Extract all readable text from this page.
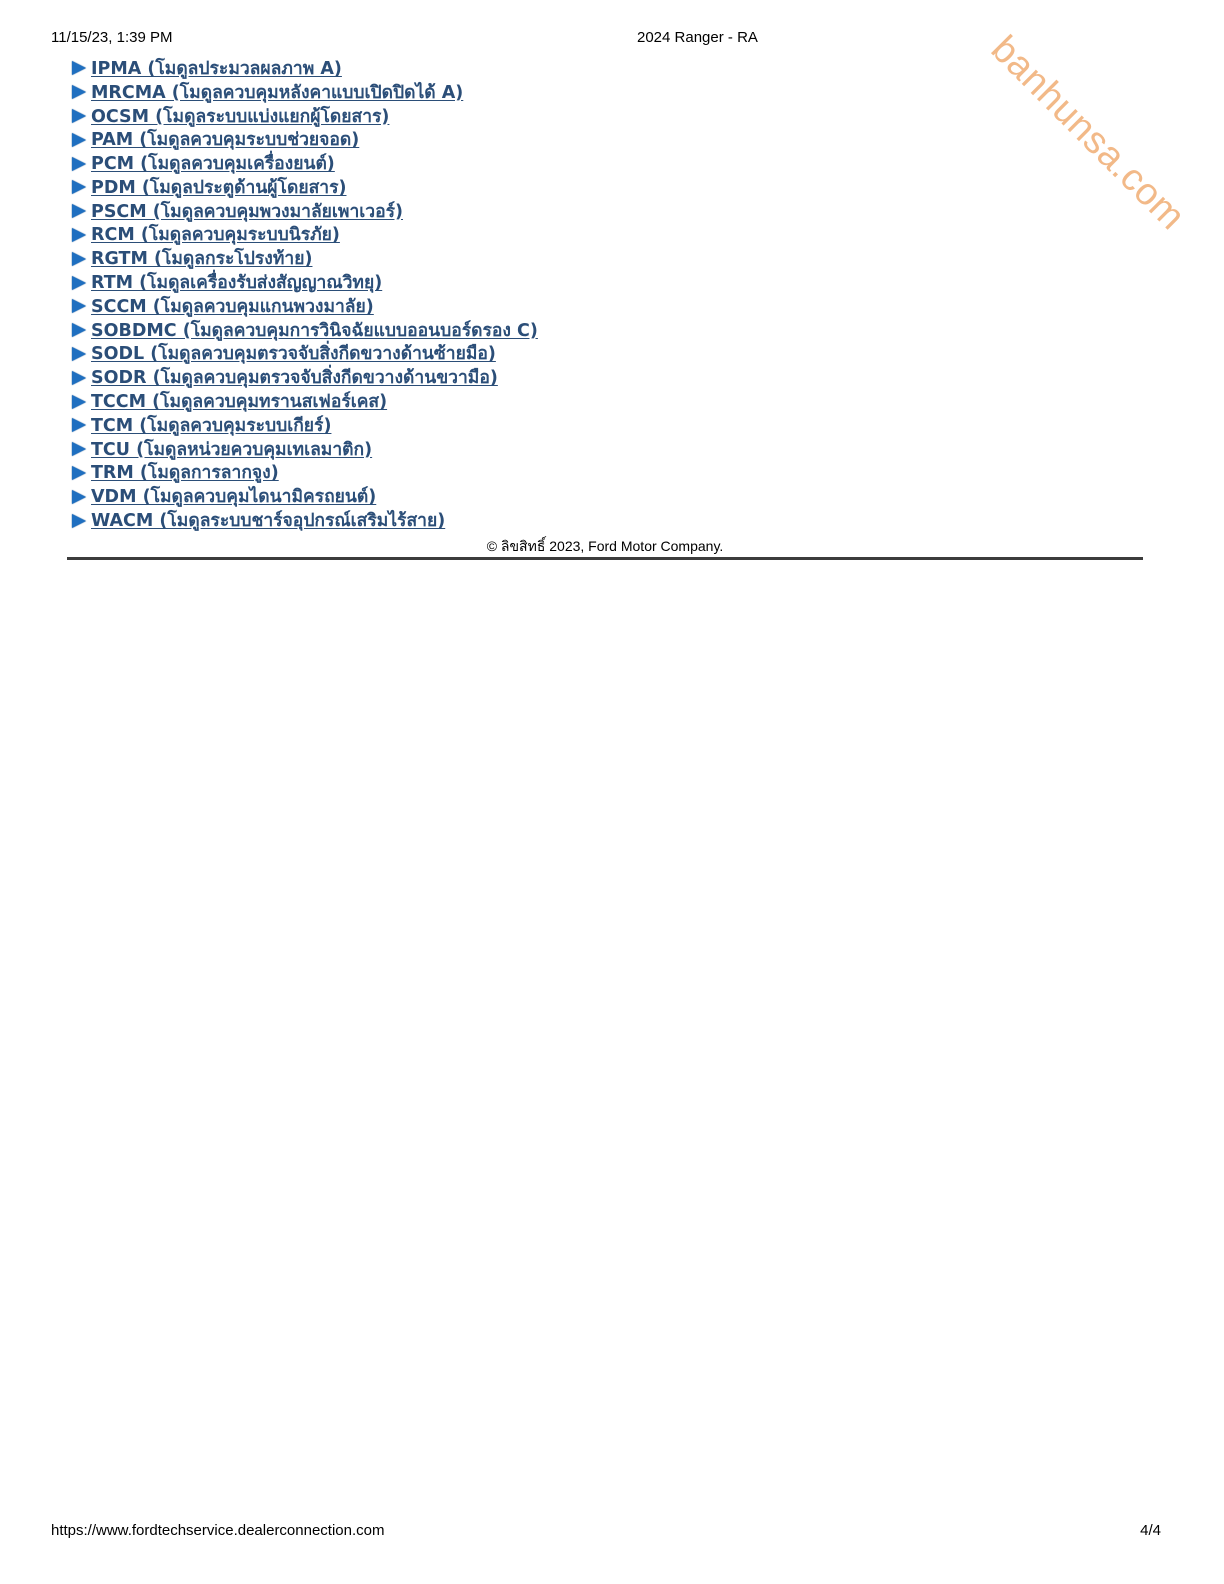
11/15/23, 1:39 PM	2024 Ranger - RA	banhunsa.com
IPMA (โมดูลประมวลผลภาพ A)
MRCMA (โมดูลควบคุมหลังคาแบบเปิดปิดได้ A)
OCSM (โมดูลระบบแบ่งแยกผู้โดยสาร)
PAM (โมดูลควบคุมระบบช่วยจอด)
PCM (โมดูลควบคุมเครื่องยนต์)
PDM (โมดูลประตูด้านผู้โดยสาร)
PSCM (โมดูลควบคุมพวงมาลัยเพาเวอร์)
RCM (โมดูลควบคุมระบบนิรภัย)
RGTM (โมดูลกระโปรงท้าย)
RTM (โมดูลเครื่องรับส่งสัญญาณวิทยุ)
SCCM (โมดูลควบคุมแกนพวงมาลัย)
SOBDMC (โมดูลควบคุมการวินิจฉัยแบบออนบอร์ดรอง C)
SODL (โมดูลควบคุมตรวจจับสิ่งกีดขวางด้านซ้ายมือ)
SODR (โมดูลควบคุมตรวจจับสิ่งกีดขวางด้านขวามือ)
TCCM (โมดูลควบคุมทรานสเฟอร์เคส)
TCM (โมดูลควบคุมระบบเกียร์)
TCU (โมดูลหน่วยควบคุมเทเลมาติก)
TRM (โมดูลการลากจูง)
VDM (โมดูลควบคุมไดนามิครถยนต์)
WACM (โมดูลระบบชาร์จอุปกรณ์เสริมไร้สาย)
© ลิขสิทธิ์ 2023, Ford Motor Company.
https://www.fordtechservice.dealerconnection.com	4/4
